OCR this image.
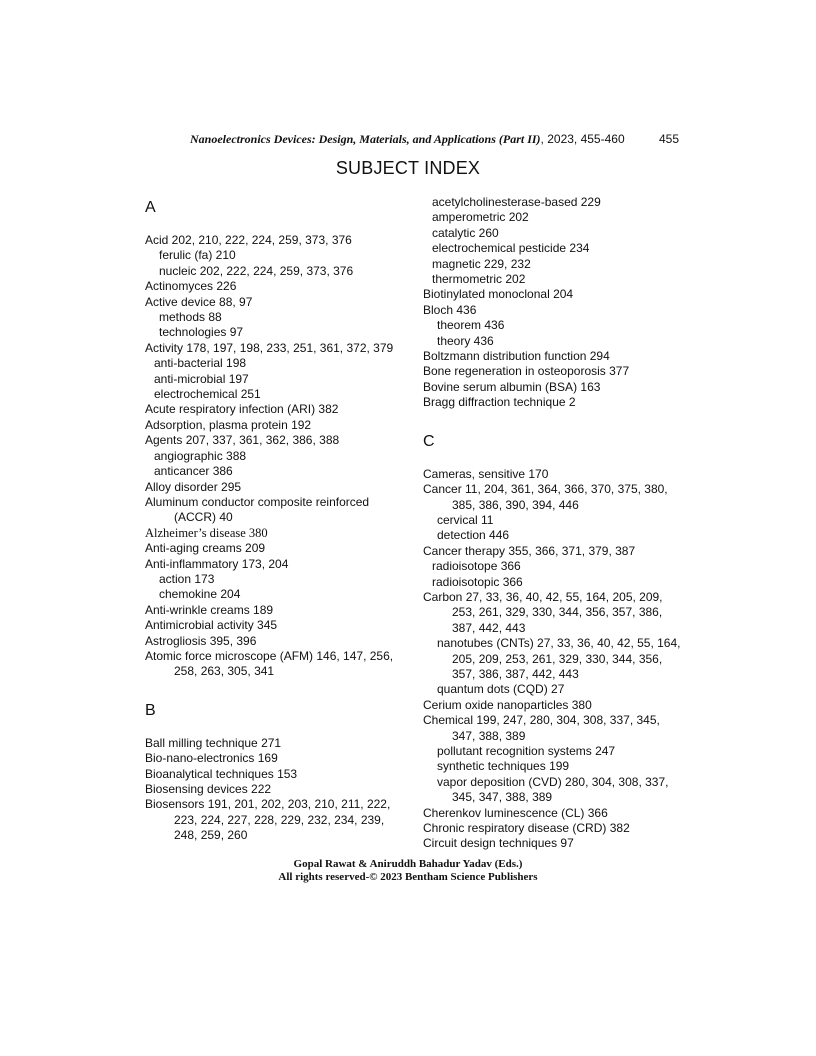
Nanoelectronics Devices: Design, Materials, and Applications (Part II), 2023, 455-460	455
SUBJECT INDEX
A
Acid 202, 210, 222, 224, 259, 373, 376
ferulic (fa) 210
nucleic 202, 222, 224, 259, 373, 376
Actinomyces 226
Active device 88, 97
methods 88
technologies 97
Activity 178, 197, 198, 233, 251, 361, 372, 379
anti-bacterial 198
anti-microbial 197
electrochemical 251
Acute respiratory infection (ARI) 382
Adsorption, plasma protein 192
Agents 207, 337, 361, 362, 386, 388
angiographic 388
anticancer 386
Alloy disorder 295
Aluminum conductor composite reinforced (ACCR) 40
Alzheimer’s disease 380
Anti-aging creams 209
Anti-inflammatory 173, 204
action 173
chemokine 204
Anti-wrinkle creams 189
Antimicrobial activity 345
Astrogliosis 395, 396
Atomic force microscope (AFM) 146, 147, 256, 258, 263, 305, 341
B
Ball milling technique 271
Bio-nano-electronics 169
Bioanalytical techniques 153
Biosensing devices 222
Biosensors 191, 201, 202, 203, 210, 211, 222, 223, 224, 227, 228, 229, 232, 234, 239, 248, 259, 260
acetylcholinesterase-based 229
amperometric 202
catalytic 260
electrochemical pesticide 234
magnetic 229, 232
thermometric 202
Biotinylated monoclonal 204
Bloch 436
theorem 436
theory 436
Boltzmann distribution function 294
Bone regeneration in osteoporosis 377
Bovine serum albumin (BSA) 163
Bragg diffraction technique 2
C
Cameras, sensitive 170
Cancer 11, 204, 361, 364, 366, 370, 375, 380, 385, 386, 390, 394, 446
cervical 11
detection 446
Cancer therapy 355, 366, 371, 379, 387
radioisotope 366
radioisotopic 366
Carbon 27, 33, 36, 40, 42, 55, 164, 205, 209, 253, 261, 329, 330, 344, 356, 357, 386, 387, 442, 443
nanotubes (CNTs) 27, 33, 36, 40, 42, 55, 164, 205, 209, 253, 261, 329, 330, 344, 356, 357, 386, 387, 442, 443
quantum dots (CQD) 27
Cerium oxide nanoparticles 380
Chemical 199, 247, 280, 304, 308, 337, 345, 347, 388, 389
pollutant recognition systems 247
synthetic techniques 199
vapor deposition (CVD) 280, 304, 308, 337, 345, 347, 388, 389
Cherenkov luminescence (CL) 366
Chronic respiratory disease (CRD) 382
Circuit design techniques 97
Gopal Rawat & Aniruddh Bahadur Yadav (Eds.)
All rights reserved-© 2023 Bentham Science Publishers
